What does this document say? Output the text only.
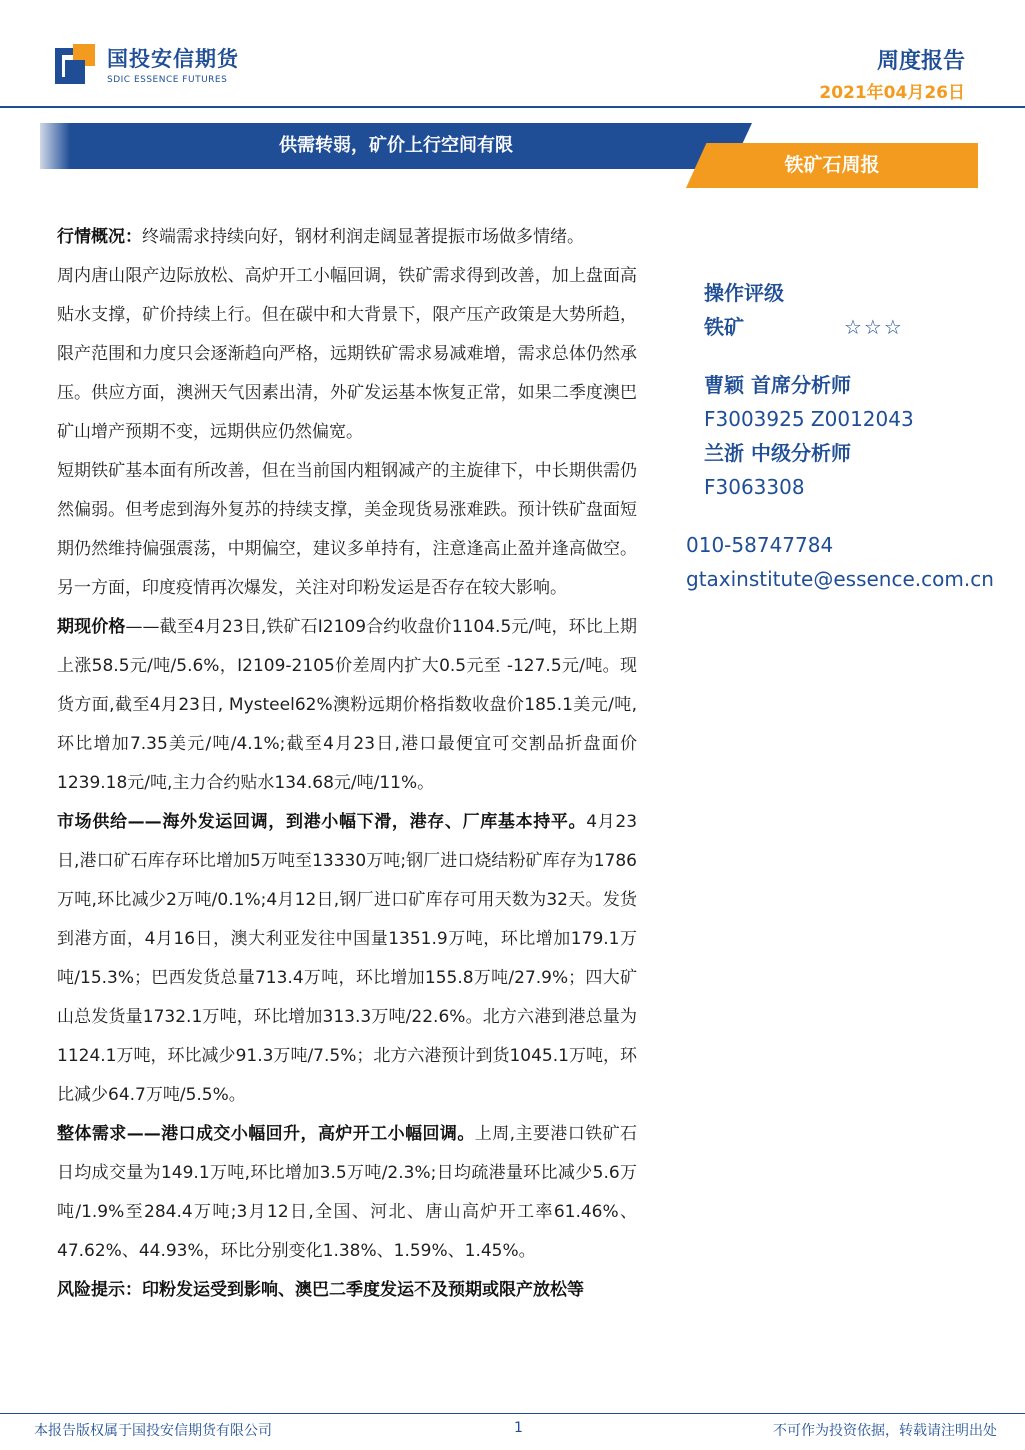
国投安信期货
SDIC ESSENCE FUTURES
周度报告
2021年04月26日
供需转弱，矿价上行空间有限
铁矿石周报

行情概况：终端需求持续向好，钢材利润走阔显著提振市场做多情绪。

周内唐山限产边际放松、高炉开工小幅回调，铁矿需求得到改善，加上盘面高贴水支撑，矿价持续上行。但在碳中和大背景下，限产压产政策是大势所趋，限产范围和力度只会逐渐趋向严格，远期铁矿需求易减难增，需求总体仍然承压。供应方面，澳洲天气因素出清，外矿发运基本恢复正常，如果二季度澳巴矿山增产预期不变，远期供应仍然偏宽。

短期铁矿基本面有所改善，但在当前国内粗钢减产的主旋律下，中长期供需仍然偏弱。但考虑到海外复苏的持续支撑，美金现货易涨难跌。预计铁矿盘面短期仍然维持偏强震荡，中期偏空，建议多单持有，注意逢高止盈并逢高做空。另一方面，印度疫情再次爆发，关注对印粉发运是否存在较大影响。

期现价格——截至4月23日,铁矿石I2109合约收盘价1104.5元/吨，环比上期上涨58.5元/吨/5.6%，I2109-2105价差周内扩大0.5元至 -127.5元/吨。现货方面,截至4月23日, Mysteel62%澳粉远期价格指数收盘价185.1美元/吨,环比增加7.35美元/吨/4.1%;截至4月23日,港口最便宜可交割品折盘面价1239.18元/吨,主力合约贴水134.68元/吨/11%。

市场供给——海外发运回调，到港小幅下滑，港存、厂库基本持平。4月23日,港口矿石库存环比增加5万吨至13330万吨;钢厂进口烧结粉矿库存为1786万吨,环比减少2万吨/0.1%;4月12日,钢厂进口矿库存可用天数为32天。发货到港方面，4月16日，澳大利亚发往中国量1351.9万吨，环比增加179.1万吨/15.3%；巴西发货总量713.4万吨，环比增加155.8万吨/27.9%；四大矿山总发货量1732.1万吨，环比增加313.3万吨/22.6%。北方六港到港总量为1124.1万吨，环比减少91.3万吨/7.5%；北方六港预计到货1045.1万吨，环比减少64.7万吨/5.5%。

整体需求——港口成交小幅回升，高炉开工小幅回调。上周,主要港口铁矿石日均成交量为149.1万吨,环比增加3.5万吨/2.3%;日均疏港量环比减少5.6万吨/1.9%至284.4万吨;3月12日,全国、河北、唐山高炉开工率61.46%、47.62%、44.93%，环比分别变化1.38%、1.59%、1.45%。

风险提示：印粉发运受到影响、澳巴二季度发运不及预期或限产放松等

操作评级
铁矿	☆☆☆
曹颖 首席分析师
F3003925 Z0012043
兰浙 中级分析师
F3063308
010-58747784
gtaxinstitute@essence.com.cn
本报告版权属于国投安信期货有限公司	1	不可作为投资依据，转载请注明出处
